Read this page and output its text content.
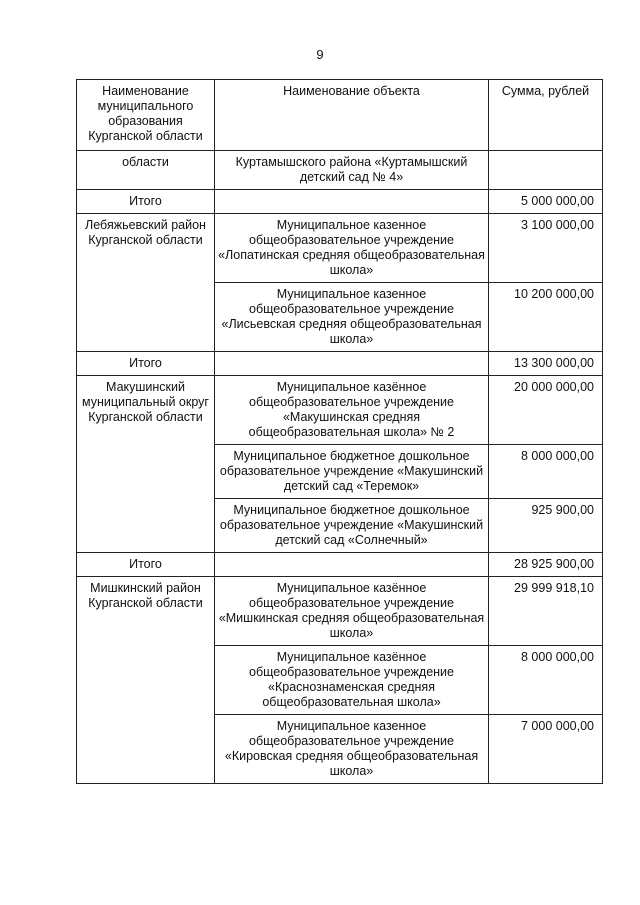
9
Наименование муниципального образования Курганской области	Наименование объекта	Сумма, рублей
области	Куртамышского района «Куртамышский детский сад № 4»	
Итого		5 000 000,00
Лебяжьевский район Курганской области	Муниципальное казенное общеобразовательное учреждение «Лопатинская средняя общеобразовательная школа»	3 100 000,00
	Муниципальное казенное общеобразовательное учреждение «Лисьевская средняя общеобразовательная школа»	10 200 000,00
Итого		13 300 000,00
Макушинский муниципальный округ Курганской области	Муниципальное казённое общеобразовательное учреждение «Макушинская средняя общеобразовательная школа» № 2	20 000 000,00
	Муниципальное бюджетное дошкольное образовательное учреждение «Макушинский детский сад «Теремок»	8 000 000,00
	Муниципальное бюджетное дошкольное образовательное учреждение «Макушинский детский сад «Солнечный»	925 900,00
Итого		28 925 900,00
Мишкинский район Курганской области	Муниципальное казённое общеобразовательное учреждение «Мишкинская средняя общеобразовательная школа»	29 999 918,10
	Муниципальное казённое общеобразовательное учреждение «Краснознаменская средняя общеобразовательная школа»	8 000 000,00
	Муниципальное казенное общеобразовательное учреждение «Кировская средняя общеобразовательная школа»	7 000 000,00
